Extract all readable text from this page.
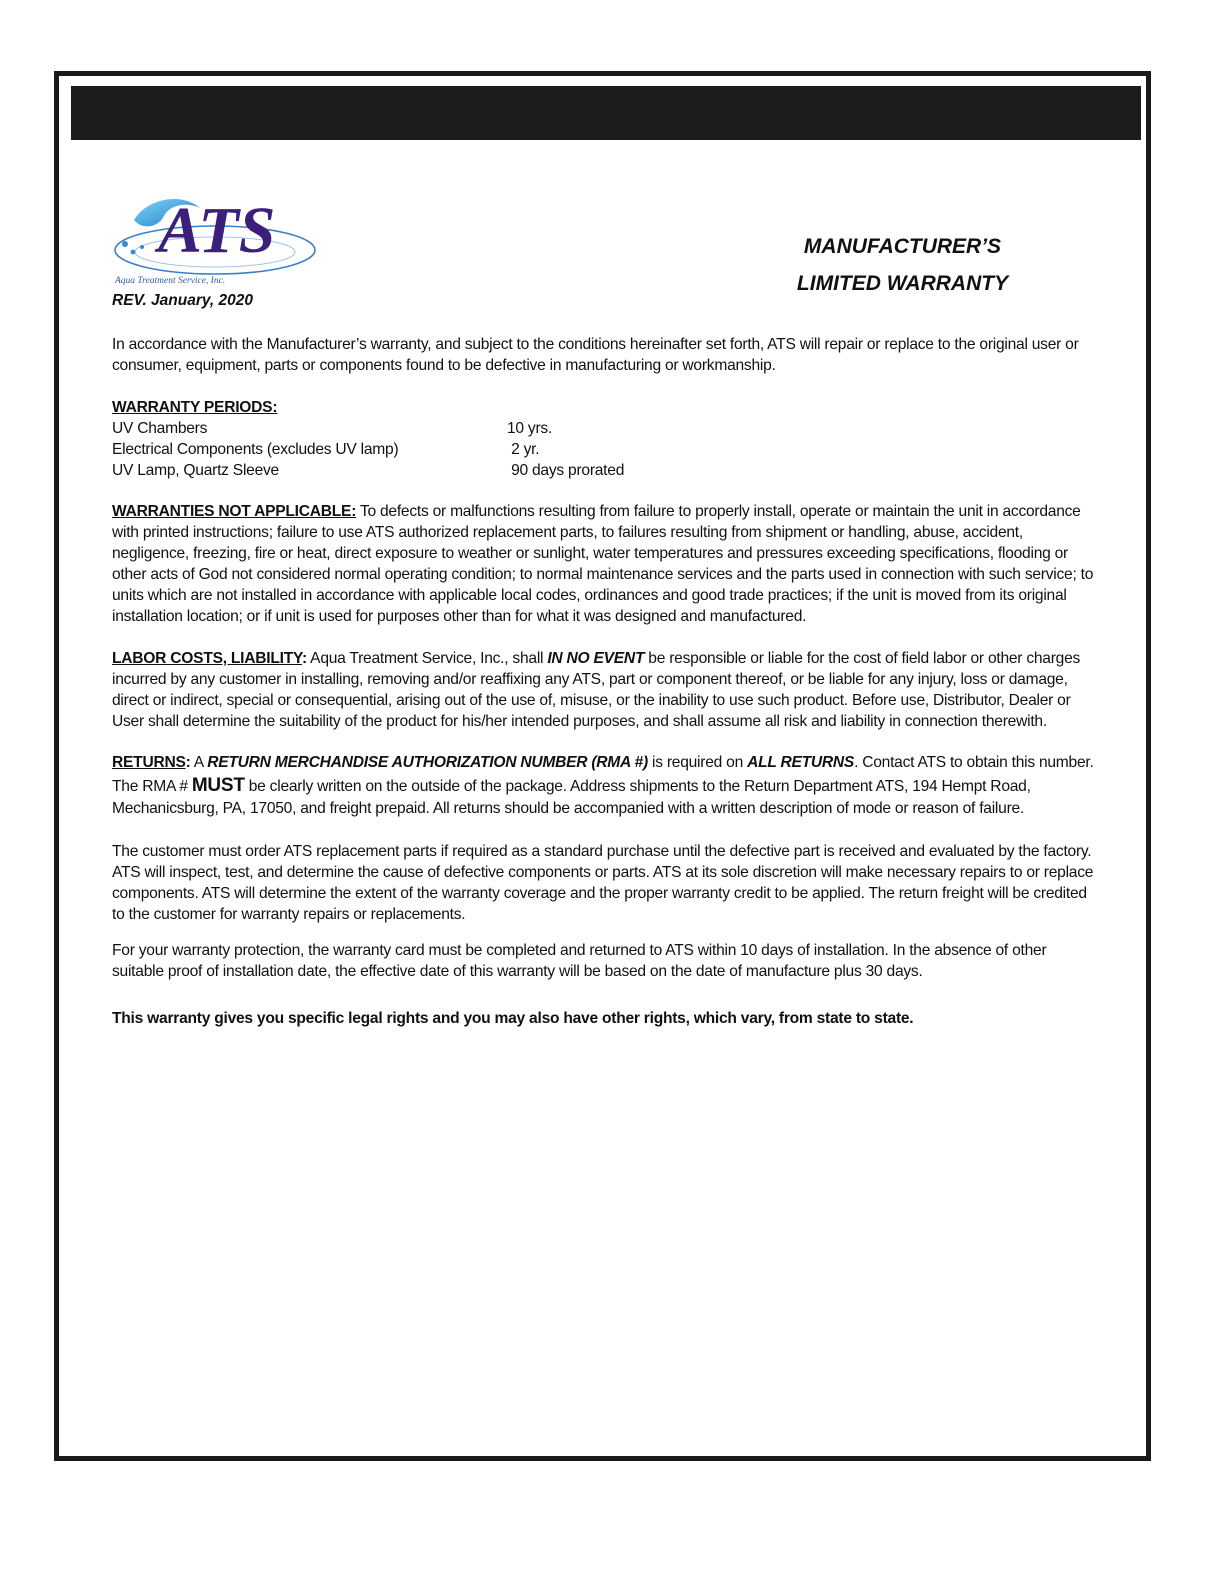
ATS
Aqua Treatment Service, Inc.
REV. January, 2020
MANUFACTURER’S
LIMITED WARRANTY
In accordance with the Manufacturer’s warranty, and subject to the conditions hereinafter set forth, ATS will repair or replace to the original user or consumer, equipment, parts or components found to be defective in manufacturing or workmanship.
WARRANTY PERIODS:
UV Chambers	10 yrs.
Electrical Components (excludes UV lamp)	2 yr.
UV Lamp, Quartz Sleeve	90 days prorated
WARRANTIES NOT APPLICABLE: To defects or malfunctions resulting from failure to properly install, operate or maintain the unit in accordance with printed instructions; failure to use ATS authorized replacement parts, to failures resulting from shipment or handling, abuse, accident, negligence, freezing, fire or heat, direct exposure to weather or sunlight, water temperatures and pressures exceeding specifications, flooding or other acts of God not considered normal operating condition; to normal maintenance services and the parts used in connection with such service; to units which are not installed in accordance with applicable local codes, ordinances and good trade practices; if the unit is moved from its original installation location; or if unit is used for purposes other than for what it was designed and manufactured.
LABOR COSTS, LIABILITY: Aqua Treatment Service, Inc., shall IN NO EVENT be responsible or liable for the cost of field labor or other charges incurred by any customer in installing, removing and/or reaffixing any ATS, part or component thereof, or be liable for any injury, loss or damage, direct or indirect, special or consequential, arising out of the use of, misuse, or the inability to use such product. Before use, Distributor, Dealer or User shall determine the suitability of the product for his/her intended purposes, and shall assume all risk and liability in connection therewith.
RETURNS: A RETURN MERCHANDISE AUTHORIZATION NUMBER (RMA #) is required on ALL RETURNS. Contact ATS to obtain this number. The RMA # MUST be clearly written on the outside of the package. Address shipments to the Return Department ATS, 194 Hempt Road, Mechanicsburg, PA, 17050, and freight prepaid. All returns should be accompanied with a written description of mode or reason of failure.
The customer must order ATS replacement parts if required as a standard purchase until the defective part is received and evaluated by the factory. ATS will inspect, test, and determine the cause of defective components or parts. ATS at its sole discretion will make necessary repairs to or replace components. ATS will determine the extent of the warranty coverage and the proper warranty credit to be applied. The return freight will be credited to the customer for warranty repairs or replacements.
For your warranty protection, the warranty card must be completed and returned to ATS within 10 days of installation. In the absence of other suitable proof of installation date, the effective date of this warranty will be based on the date of manufacture plus 30 days.
This warranty gives you specific legal rights and you may also have other rights, which vary, from state to state.
